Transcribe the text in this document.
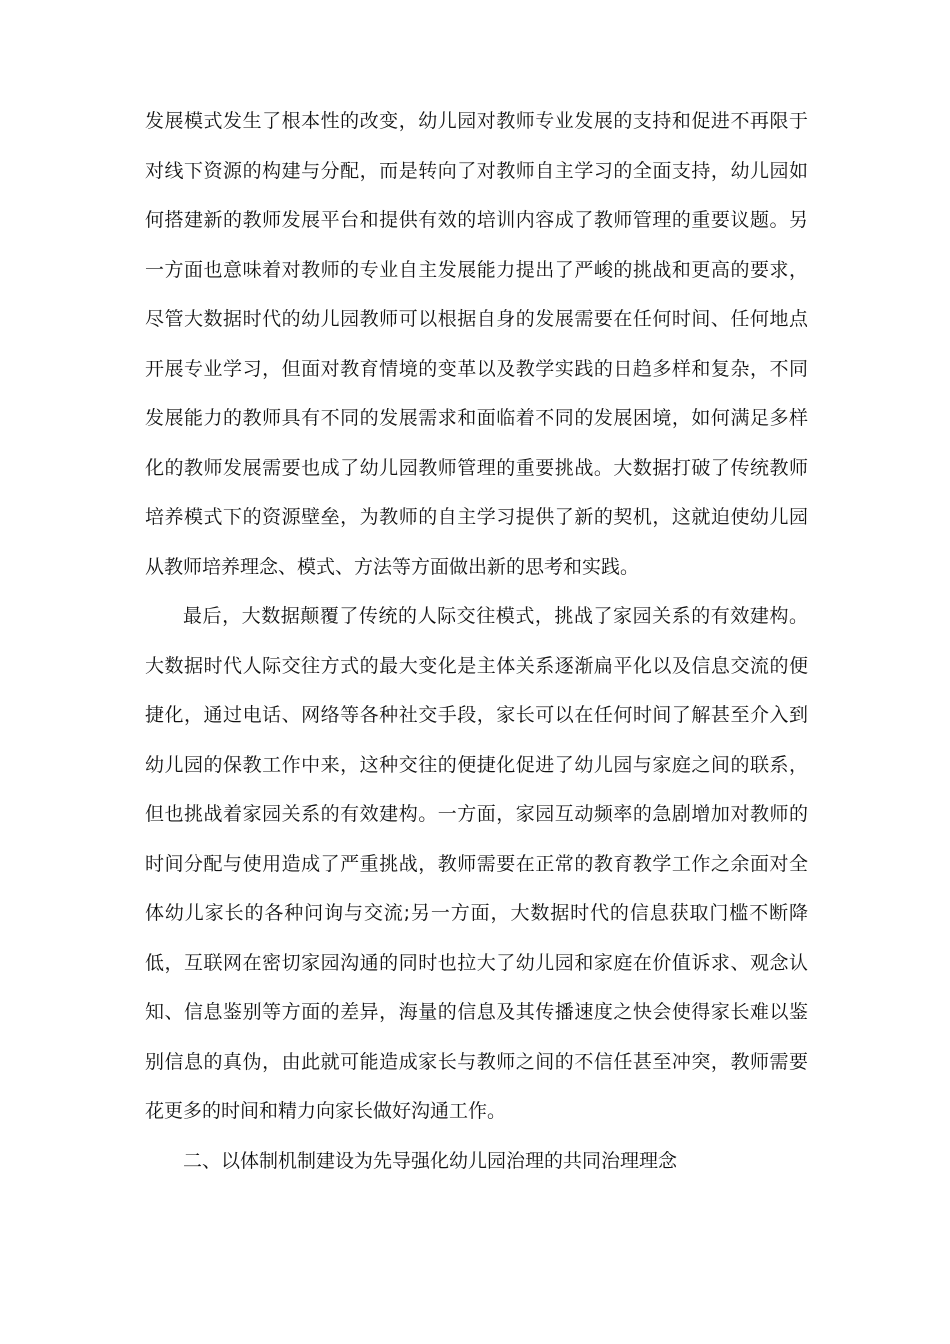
发展模式发生了根本性的改变，幼儿园对教师专业发展的支持和促进不再限于对线下资源的构建与分配，而是转向了对教师自主学习的全面支持，幼儿园如何搭建新的教师发展平台和提供有效的培训内容成了教师管理的重要议题。另一方面也意味着对教师的专业自主发展能力提出了严峻的挑战和更高的要求，尽管大数据时代的幼儿园教师可以根据自身的发展需要在任何时间、任何地点开展专业学习，但面对教育情境的变革以及教学实践的日趋多样和复杂，不同发展能力的教师具有不同的发展需求和面临着不同的发展困境，如何满足多样化的教师发展需要也成了幼儿园教师管理的重要挑战。大数据打破了传统教师培养模式下的资源壁垒，为教师的自主学习提供了新的契机，这就迫使幼儿园从教师培养理念、模式、方法等方面做出新的思考和实践。

最后，大数据颠覆了传统的人际交往模式，挑战了家园关系的有效建构。大数据时代人际交往方式的最大变化是主体关系逐渐扁平化以及信息交流的便捷化，通过电话、网络等各种社交手段，家长可以在任何时间了解甚至介入到幼儿园的保教工作中来，这种交往的便捷化促进了幼儿园与家庭之间的联系，但也挑战着家园关系的有效建构。一方面，家园互动频率的急剧增加对教师的时间分配与使用造成了严重挑战，教师需要在正常的教育教学工作之余面对全体幼儿家长的各种问询与交流;另一方面，大数据时代的信息获取门槛不断降低，互联网在密切家园沟通的同时也拉大了幼儿园和家庭在价值诉求、观念认知、信息鉴别等方面的差异，海量的信息及其传播速度之快会使得家长难以鉴别信息的真伪，由此就可能造成家长与教师之间的不信任甚至冲突，教师需要花更多的时间和精力向家长做好沟通工作。

二、以体制机制建设为先导强化幼儿园治理的共同治理理念
